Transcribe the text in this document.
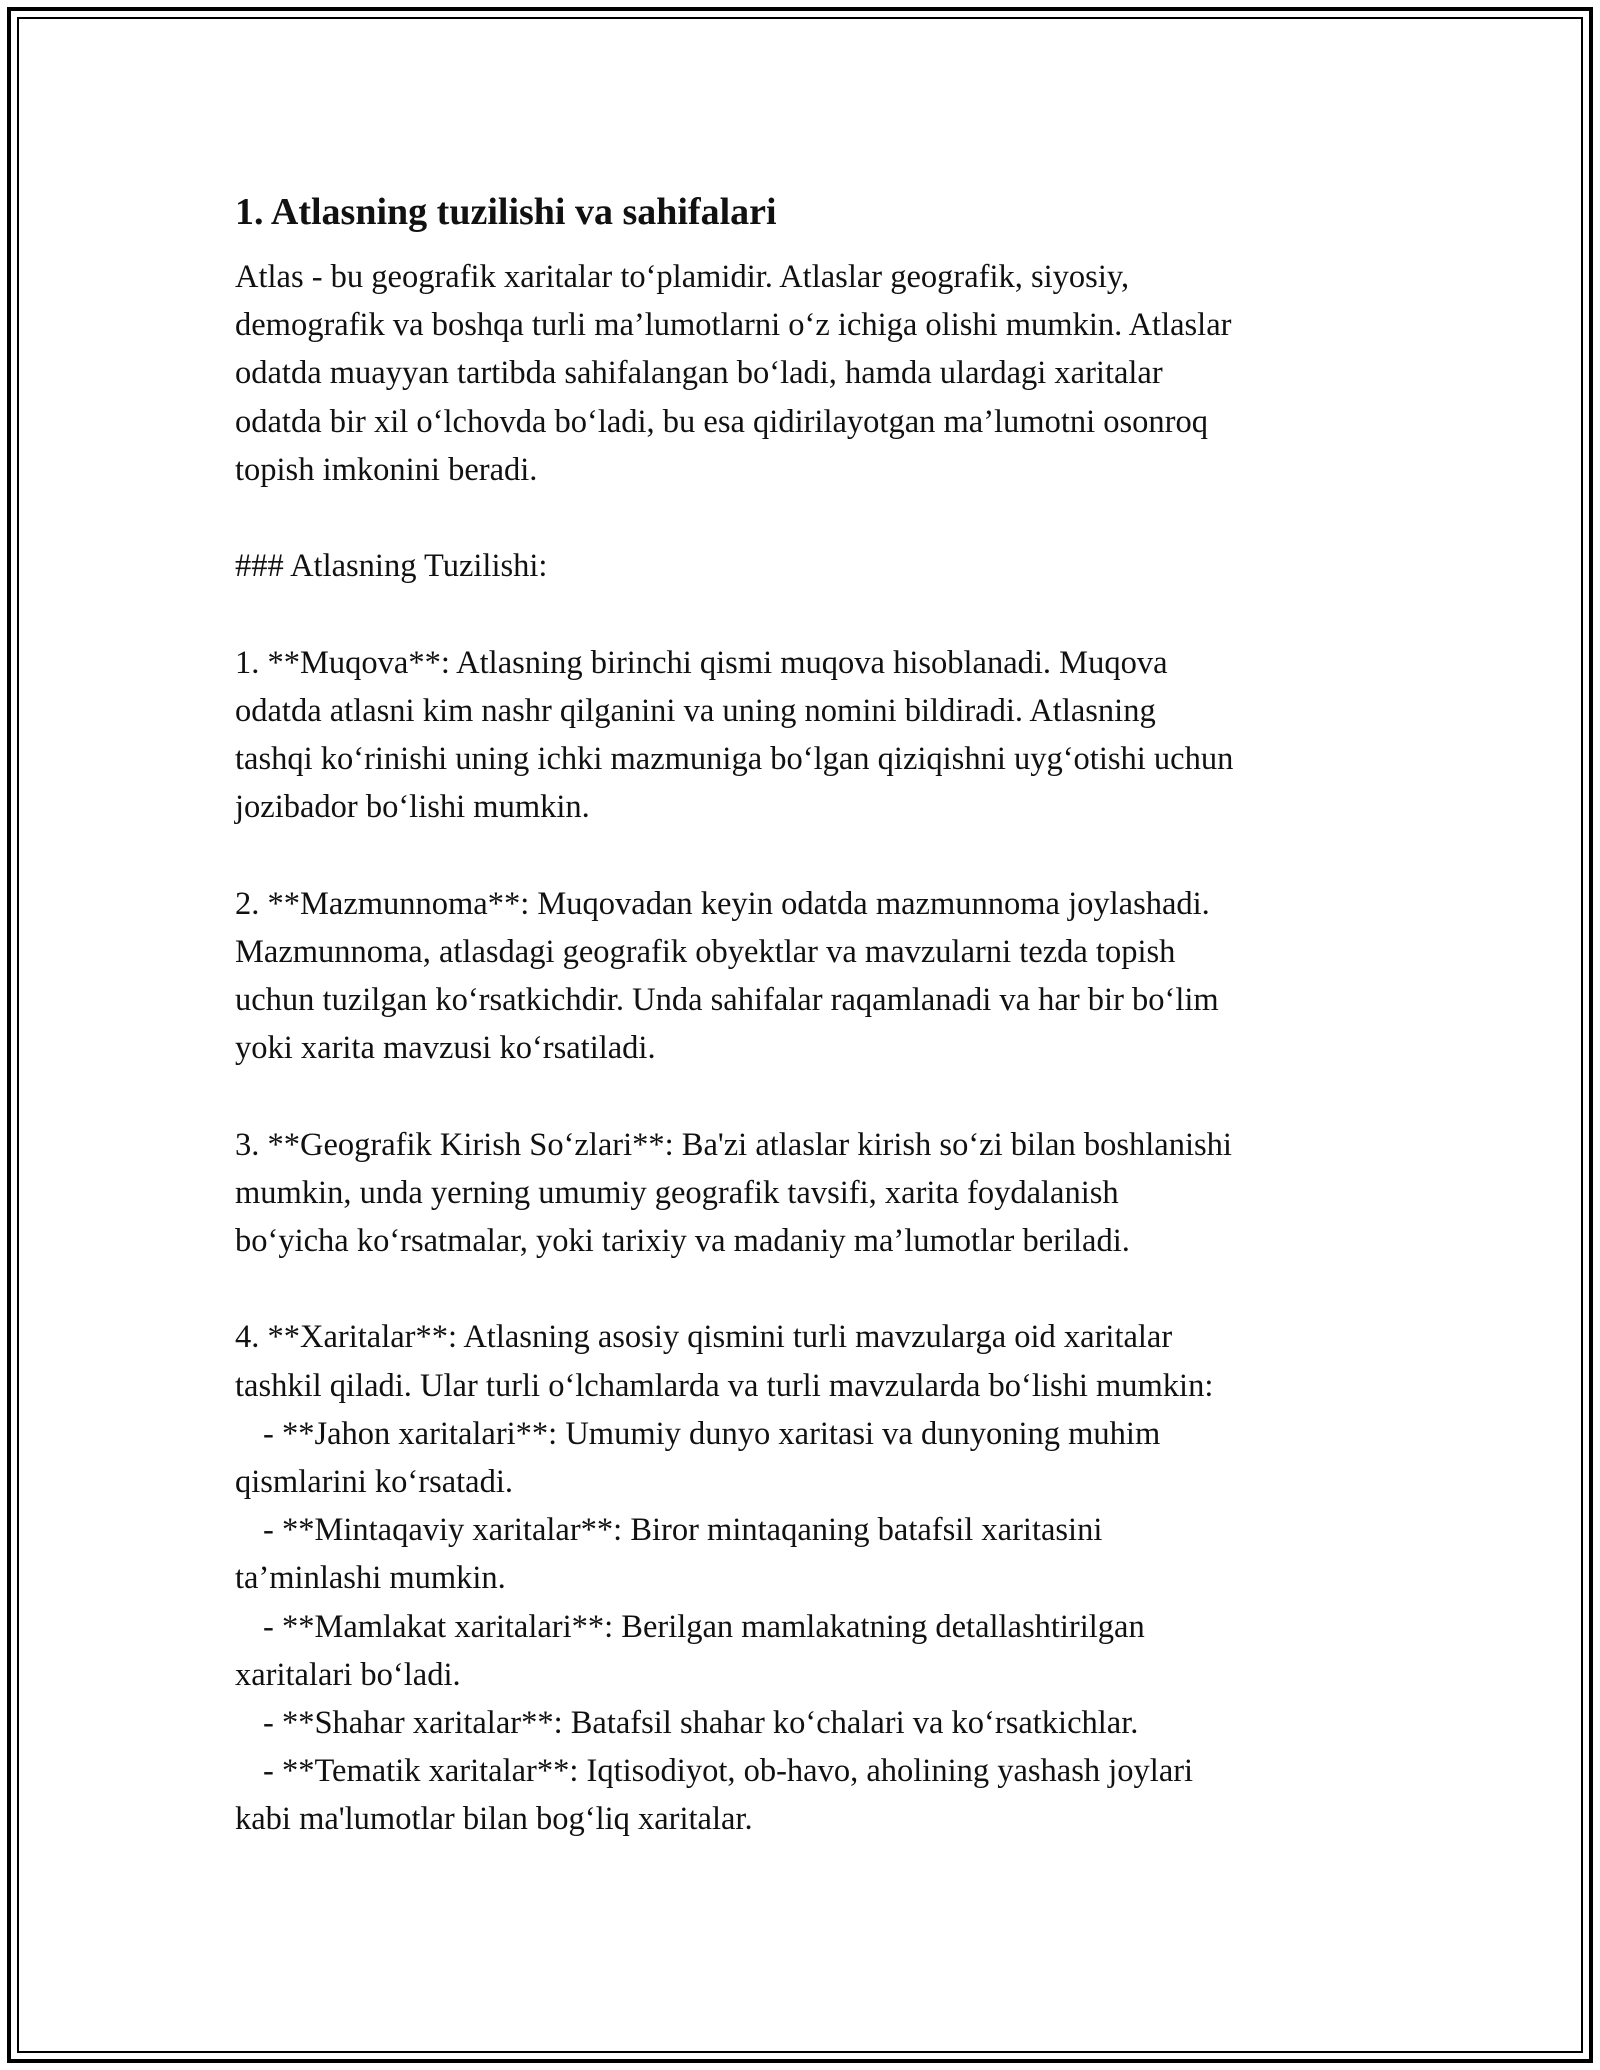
1. Atlasning tuzilishi va sahifalari
Atlas - bu geografik xaritalar to‘plamidir. Atlaslar geografik, siyosiy,
demografik va boshqa turli ma’lumotlarni o‘z ichiga olishi mumkin. Atlaslar
odatda muayyan tartibda sahifalangan bo‘ladi, hamda ulardagi xaritalar
odatda bir xil o‘lchovda bo‘ladi, bu esa qidirilayotgan ma’lumotni osonroq
topish imkonini beradi.
### Atlasning Tuzilishi:
1. **Muqova**: Atlasning birinchi qismi muqova hisoblanadi. Muqova
odatda atlasni kim nashr qilganini va uning nomini bildiradi. Atlasning
tashqi ko‘rinishi uning ichki mazmuniga bo‘lgan qiziqishni uyg‘otishi uchun
jozibador bo‘lishi mumkin.
2. **Mazmunnoma**: Muqovadan keyin odatda mazmunnoma joylashadi.
Mazmunnoma, atlasdagi geografik obyektlar va mavzularni tezda topish
uchun tuzilgan ko‘rsatkichdir. Unda sahifalar raqamlanadi va har bir bo‘lim
yoki xarita mavzusi ko‘rsatiladi.
3. **Geografik Kirish So‘zlari**: Ba'zi atlaslar kirish so‘zi bilan boshlanishi
mumkin, unda yerning umumiy geografik tavsifi, xarita foydalanish
bo‘yicha ko‘rsatmalar, yoki tarixiy va madaniy ma’lumotlar beriladi.
4. **Xaritalar**: Atlasning asosiy qismini turli mavzularga oid xaritalar
tashkil qiladi. Ular turli o‘lchamlarda va turli mavzularda bo‘lishi mumkin:
- **Jahon xaritalari**: Umumiy dunyo xaritasi va dunyoning muhim
qismlarini ko‘rsatadi.
- **Mintaqaviy xaritalar**: Biror mintaqaning batafsil xaritasini
ta’minlashi mumkin.
- **Mamlakat xaritalari**: Berilgan mamlakatning detallashtirilgan
xaritalari bo‘ladi.
- **Shahar xaritalar**: Batafsil shahar ko‘chalari va ko‘rsatkichlar.
- **Tematik xaritalar**: Iqtisodiyot, ob-havo, aholining yashash joylari
kabi ma'lumotlar bilan bog‘liq xaritalar.
